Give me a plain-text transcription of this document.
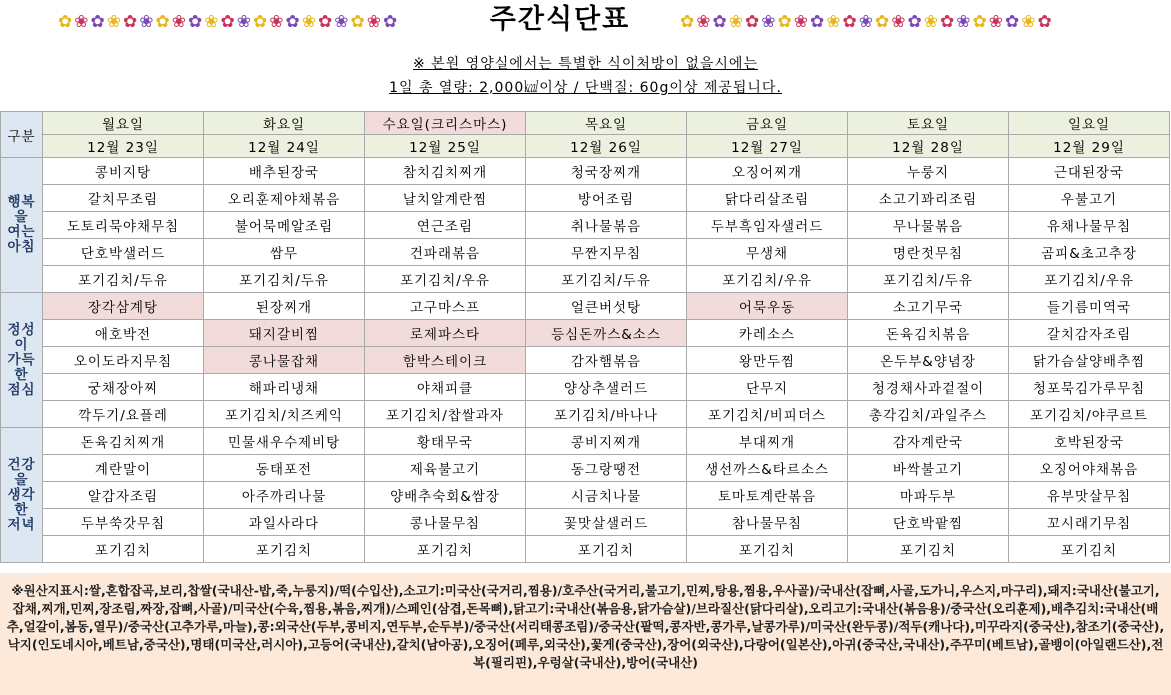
✿ ❀ ✿ ❀ ✿ ❀ ✿ ❀ ✿ ❀ ✿ ❀ ✿ ❀ ✿ ❀ ✿ ❀ ✿ ❀ ✿	주간식단표	✿ ❀ ✿ ❀ ✿ ❀ ✿ ❀ ✿ ❀ ✿ ❀ ✿ ❀ ✿ ❀ ✿ ❀ ✿ ❀ ✿ ❀ ✿
※ 본원 영양실에서는 특별한 식이처방이 없을시에는
1일 총 열량: 2,000㎉이상 / 단백질: 60g이상 제공됩니다.
구분	월요일	화요일	수요일(크리스마스)	목요일	금요일	토요일	일요일
	12월 23일	12월 24일	12월 25일	12월 26일	12월 27일	12월 28일	12월 29일
행복을
여는
아침	콩비지탕	배추된장국	참치김치찌개	청국장찌개	오징어찌개	누룽지	근대된장국
	갈치무조림	오리훈제야채볶음	날치알계란찜	방어조림	닭다리살조림	소고기꽈리조림	우불고기
	도토리묵야채무침	불어묵메알조림	연근조림	취나물볶음	두부흑임자샐러드	무나물볶음	유채나물무침
	단호박샐러드	쌈무	건파래볶음	무짠지무침	무생채	명란젓무침	곰피&초고추장
	포기김치/두유	포기김치/두유	포기김치/우유	포기김치/두유	포기김치/우유	포기김치/두유	포기김치/우유
정성이
가득한
점심	장각삼계탕	된장찌개	고구마스프	얼큰버섯탕	어묵우동	소고기무국	들기름미역국
	애호박전	돼지갈비찜	로제파스타	등심돈까스&소스	카레소스	돈육김치볶음	갈치감자조림
	오이도라지무침	콩나물잡채	함박스테이크	감자햄볶음	왕만두찜	온두부&양념장	닭가슴살양배추찜
	궁채장아찌	해파리냉채	야채피클	양상추샐러드	단무지	청경채사과겉절이	청포묵김가루무침
	깍두기/요플레	포기김치/치즈케익	포기김치/찹쌀과자	포기김치/바나나	포기김치/비피더스	총각김치/과일주스	포기김치/야쿠르트
건강을
생각한
저녁	돈육김치찌개	민물새우수제비탕	황태무국	콩비지찌개	부대찌개	감자계란국	호박된장국
	계란말이	동태포전	제육불고기	동그랑땡전	생선까스&타르소스	바싹불고기	오징어야채볶음
	알감자조림	아주까리나물	양배추숙회&쌈장	시금치나물	토마토계란볶음	마파두부	유부맛살무침
	두부쑥갓무침	과일사라다	콩나물무침	꽃맛살샐러드	참나물무침	단호박팥찜	꼬시래기무침
	포기김치	포기김치	포기김치	포기김치	포기김치	포기김치	포기김치
※원산지표시:쌀,혼합잡곡,보리,찹쌀(국내산-밥,죽,누룽지)/떡(수입산),소고기:미국산(국거리,찜용)/호주산(국거리,불고기,민찌,탕용,찜용,우사골)/국내산(잡뼈,사골,도가니,우스지,마구리),돼지:국내산(불고기,잡채,찌개,민찌,장조림,짜장,잡뼈,사골)/미국산(수육,찜용,볶음,찌개)/스페인(삼겹,돈목뼈),닭고기:국내산(볶음용,닭가슴살)/브라질산(닭다리살),오리고기:국내산(볶음용)/중국산(오리훈제),배추김치:국내산(배추,얼갈이,봄동,열무)/중국산(고추가루,마늘),콩:외국산(두부,콩비지,연두부,순두부)/중국산(서리태콩조림)/중국산(팥떡,콩자반,콩가루,날콩가루)/미국산(완두콩)/적두(캐나다),미꾸라지(중국산),참조기(중국산),낙지(인도네시아,베트남,중국산),명태(미국산,러시아),고등어(국내산),갈치(남아공),오징어(페루,외국산),꽃게(중국산),장어(외국산),다랑어(일본산),아귀(중국산,국내산),주꾸미(베트남),골뱅이(아일랜드산),전복(필리핀),우렁살(국내산),방어(국내산)
